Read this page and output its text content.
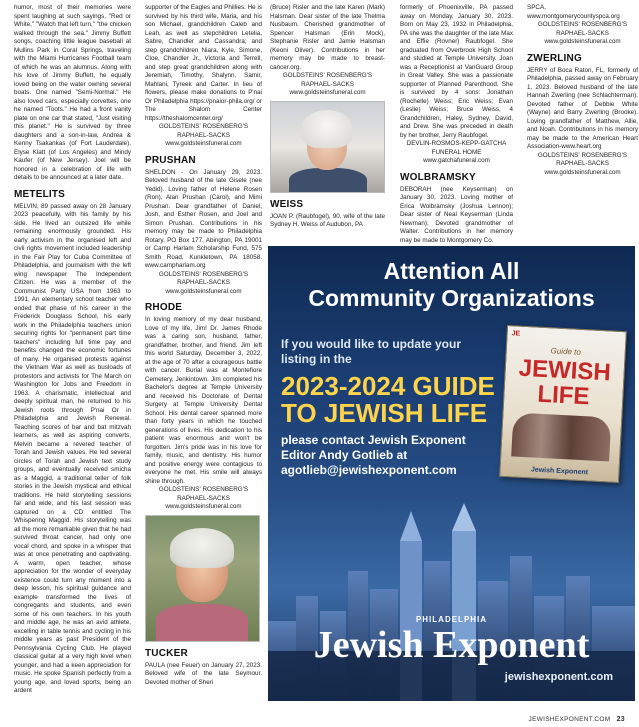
humor, most of their memories were spent laughing at such sayings, "Red or White," "Watch that left turn," "the chicken walked through the sea." Jimmy Buffett songs, coaching little league baseball at Mullins Park in Coral Springs, traveling with the Miami Hurricanes Football team of which he was an alumnus. Along with his love of Jimmy Buffett, he equally loved being on the water owning several boats. One named "Semi-Normal." He also loved cars, especially corvettes, one he named "Toots." He had a front vanity plate on one car that stated, "Just visiting this planet." He is survived by three daughters and a son-in-law, Andrea & Kenny Tsakankas (of Fort Lauderdale), Elyse Klatt (of Los Angeles) and Mindy Kaufer (of New Jersey). Joel will be honored in a celebration of life with details to be announced at a later date.

METELITS

MELVIN, 89 passed away on 28 January 2023 peacefully, with his family by his side. He lived an outsized life while remaining enormously grounded. His early activism in the organised left and civil rights movement included leadership in the Fair Play for Cuba Committee of Philadelphia, and journalism with the left wing newspaper The Independent Citizen. He was a member of the Communist Party USA from 1963 to 1991. An elementary school teacher who ended that phase of his career in the Frederick Douglass School, his early work in the Philadelphia teachers union securing rights for "permanent part time teachers" including full time pay and benefits changed the economic fortunes of many. He organised protests against the Vietnam War as well as busloads of protestors and activists for The March on Washington for Jobs and Freedom in 1963. A charismatic, intellectual and deeply spiritual man, he returned to his Jewish roots through P'nai Or in Philadelphia and Jewish Renewal. Teaching scores of bar and bat mitzvah learners, as well as aspiring converts, Melvin became a revered teacher of Torah and Jewish values. He led several circles of Torah and Jewish text study groups, and eventually received smicha as a Maggid, a traditional teller of folk stories in the Jewish mystical and ethical traditions. He held storytelling sessions far and wide, and his last session was captured on a CD entitled The Whispering Maggid. His storytelling was all the more remarkable given that he had survived throat cancer, had only one vocal chord, and spoke in a whisper that was at once penetrating and captivating. A warm, open teacher, whose appreciation for the wonder of everyday existence could turn any moment into a deep lesson, his spiritual guidance and example transformed the lives of congregants and students, and even some of his own teachers. In his youth and middle age, he was an avid athlete, excelling in table tennis and cycling in his middle years as past President of the Pennsylvania Cycling Club. He played classical guitar at a very high level when younger, and had a keen appreciation for music. He spoke Spanish perfectly from a young age, and loved sports, being an ardent

supporter of the Eagles and Phillies. He is survived by his third wife, Maria, and his son Michael, grandchildren Caleb and Leah, as well as stepchildren Letelia, Sabre, Chandler and Cassandra; and step grandchildren Niara, Kyle, Simone, Cloe, Chandler Jr., Victoria and Terrell, and step great grandchildren along with Jeremiah, Timothy, Shalynn, Samir, Mahlani, Tyreek and Carter. In lieu of flowers, please make donations to P'nai Or Philadelphia https://pnaior-phila.org/ or The Shalom Center https://theshalomcenter.org/

GOLDSTEINS' ROSENBERG'S RAPHAEL-SACKS www.goldsteinsfuneral.com

PRUSHAN

SHELDON - On January 29, 2023. Beloved husband of the late Gisele (nee Yedid). Loving father of Helene Rosen (Ron), Alan Prushan (Carol), and Mimi Prushan. Dear grandfather of Daniel, Josh, and Esther Rosen, and Joel and Simon Prushan. Contributions in his memory may be made to Philadelphia Rotary, PO Box 177, Abington, PA 19001 or Camp Harlam Scholarship Fund, 575 Smith Road, Kunkletown, PA 18058. www.campharlam.org

GOLDSTEINS' ROSENBERG'S RAPHAEL-SACKS www.goldsteinsfuneral.com

RHODE

In loving memory of my dear husband, Love of my life, Jim! Dr. James Rhode was a caring son, husband, father, grandfather, brother, and friend. Jim left this world Saturday, December 3, 2022, at the age of 70 after a courageous battle with cancer. Burial was at Montefiore Cemetery, Jenkintown. Jim completed his Bachelor's degree at Temple University and received his Doctorate of Dental Surgery at Temple University Dental School. His dental career spanned more than forty years in which he touched generations of lives. His dedication to his patient was enormous and won't be forgotten. Jim's pride was in his love for family, music, and dentistry. His humor and positive energy were contagious to everyone he met. His smile will always shine through.

GOLDSTEINS' ROSENBERG'S RAPHAEL-SACKS www.goldsteinsfuneral.com

TUCKER

PAULA (nee Feuer) on January 27, 2023. Beloved wife of the late Seymour. Devoted mother of Sheri

(Bruce) Risler and the late Karen (Mark) Halsman. Dear sister of the late Thelma Nusbaum. Cherished grandmother of Spencer Halsman (Erin Mock), Stephanie Risler and Jamie Halsman (Keoni Oliver). Contributions in her memory may be made to breast-cancer.org.

GOLDSTEINS' ROSENBERG'S RAPHAEL-SACKS www.goldsteinsfuneral.com

WEISS

JOAN P. (Raubfogel), 90, wife of the late Sydney H. Weiss of Audubon, PA

formerly of Phoenixville, PA passed away on Monday, January 30, 2023. Born on May 23, 1932 in Philadelphia, PA she was the daughter of the late Max and Effie (Rovner) Raubfogel. She graduated from Overbrook High School and studied at Temple University. Joan was a Receptionist at VanGuard Group in Great Valley. She was a passionate supporter of Planned Parenthood. She is survived by 4 sons: Jonathan (Rochelle) Weiss; Eric Weiss; Evan (Leslie) Weiss; Bruce Weiss, 4 Grandchildren, Haley, Sydney, David, and Drew. She was preceded in death by her brother, Jerry Raubfogel.

DEVLIN-ROSMOS-KEPP-GATCHA FUNERAL HOME www.gatchafuneral.com

WOLBRAMSKY

DEBORAH (nee Keyserman) on January 30, 2023. Loving mother of Erica Wolbramsky (Joshua Lennon); Dear sister of Neal Keyserman (Linda Newman); Devoted grandmother of Walter. Contributions in her memory may be made to Montgomery Co.

SPCA, www.montgomerycountyspca.org

GOLDSTEINS' ROSENBERG'S RAPHAEL-SACKS www.goldsteinsfuneral.com

ZWERLING

JERRY of Boca Raton, FL, formerly of Philadelphia, passed away on February 1, 2023. Beloved husband of the late Hannah Zwerling (nee Schlachterman). Devoted father of Debbie White (Wayne) and Barry Zwerling (Brooke). Loving grandfather of Matthew, Allie, and Noah. Contributions in his memory may be made to the American Heart Association-www.heart.org

GOLDSTEINS' ROSENBERG'S RAPHAEL-SACKS www.goldsteinsfuneral.com

Attention All
Community Organizations
If you would like to update your listing in the
2023-2024 GUIDE TO JEWISH LIFE
please contact Jewish Exponent Editor Andy Gotlieb at
agotlieb@jewishexponent.com
JE
Guide to
JEWISH
LIFE
Jewish Exponent
PHILADELPHIA
Jewish Exponent
jewishexponent.com
JEWISHEXPONENT.COM 23
